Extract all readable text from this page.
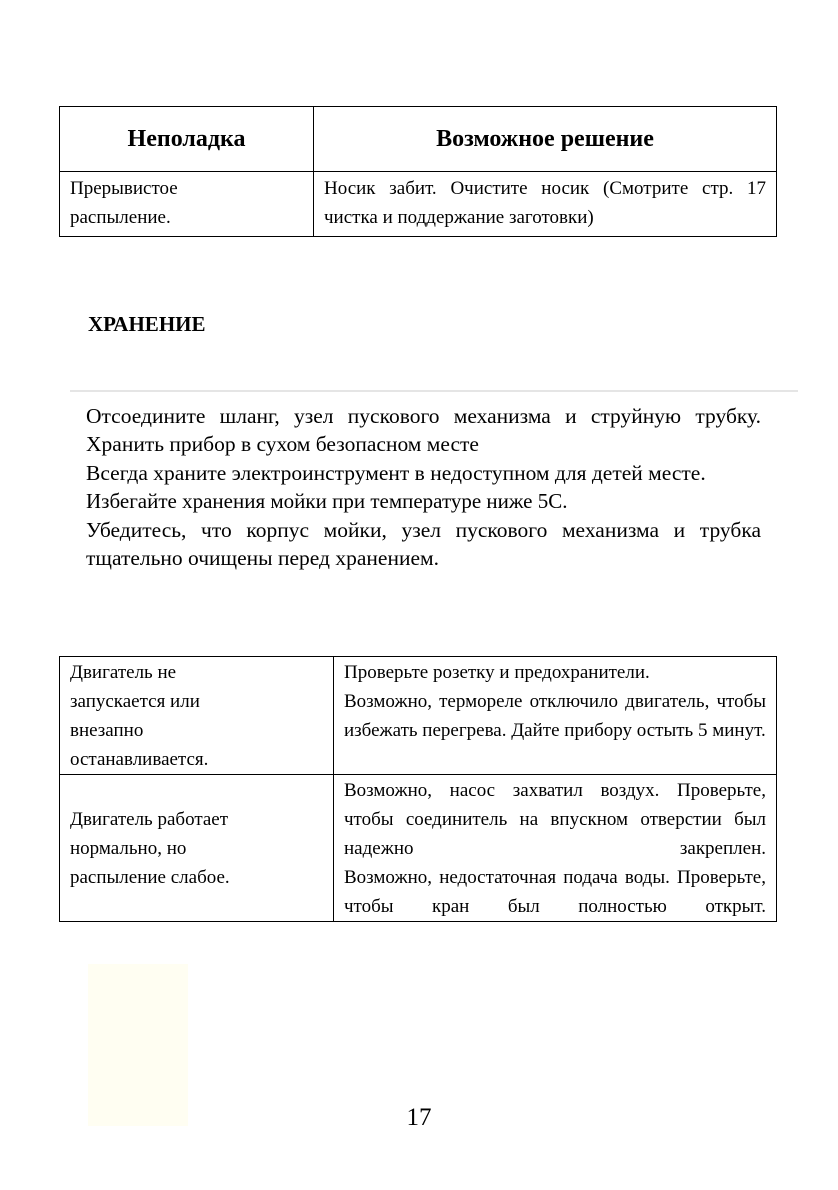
Неполадка	Возможное решение

Прерывистое распыление.	Носик забит. Очистите носик (Смотрите стр. 17 чистка и поддержание заготовки)
ХРАНЕНИЕ

Отсоедините шланг, узел пускового механизма и струйную трубку. Хранить прибор в сухом безопасном месте

Всегда храните электроинструмент в недоступном для детей месте.

Избегайте хранения мойки при температуре ниже 5С.

Убедитесь, что корпус мойки, узел пускового механизма и трубка тщательно очищены перед хранением.

Двигатель не запускается или внезапно останавливается.	Проверьте розетку и предохранители.

Возможно, термореле отключило двигатель, чтобы избежать перегрева. Дайте прибору остыть 5 минут.

Двигатель работает нормально, но распыление слабое.	Возможно, насос захватил воздух. Проверьте, чтобы соединитель на впускном отверстии был надежно закреплен.

Возможно, недостаточная подача воды. Проверьте, чтобы кран был полностью открыт.

17
